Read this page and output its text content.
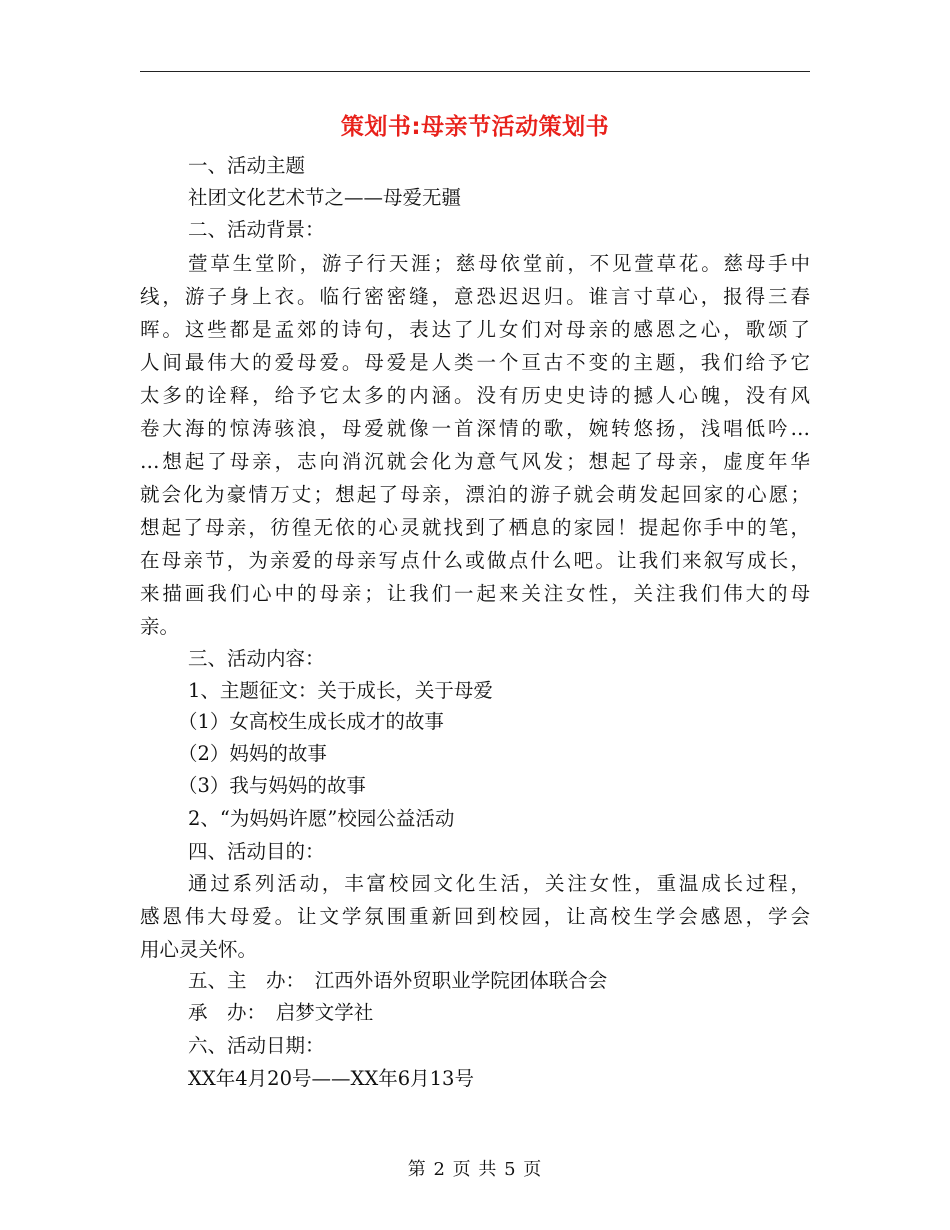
策划书:母亲节活动策划书
一、活动主题
社团文化艺术节之——母爱无疆
二、活动背景：
萱草生堂阶，游子行天涯；慈母依堂前，不见萱草花。慈母手中
线，游子身上衣。临行密密缝，意恐迟迟归。谁言寸草心，报得三春
晖。这些都是孟郊的诗句，表达了儿女们对母亲的感恩之心，歌颂了
人间最伟大的爱母爱。母爱是人类一个亘古不变的主题，我们给予它
太多的诠释，给予它太多的内涵。没有历史史诗的撼人心魄，没有风
卷大海的惊涛骇浪，母爱就像一首深情的歌，婉转悠扬，浅唱低吟…
…想起了母亲，志向消沉就会化为意气风发；想起了母亲，虚度年华
就会化为豪情万丈；想起了母亲，漂泊的游子就会萌发起回家的心愿；
想起了母亲，彷徨无依的心灵就找到了栖息的家园！提起你手中的笔，
在母亲节，为亲爱的母亲写点什么或做点什么吧。让我们来叙写成长，
来描画我们心中的母亲；让我们一起来关注女性，关注我们伟大的母
亲。
三、活动内容：
1、主题征文：关于成长，关于母爱
（1）女高校生成长成才的故事
（2）妈妈的故事
（3）我与妈妈的故事
2、“为妈妈许愿”校园公益活动
四、活动目的：
通过系列活动，丰富校园文化生活，关注女性，重温成长过程，
感恩伟大母爱。让文学氛围重新回到校园，让高校生学会感恩，学会
用心灵关怀。
五、主　办：　江西外语外贸职业学院团体联合会
承　办：　启梦文学社
六、活动日期：
XX年4月20号——XX年6月13号
第 2 页 共 5 页
